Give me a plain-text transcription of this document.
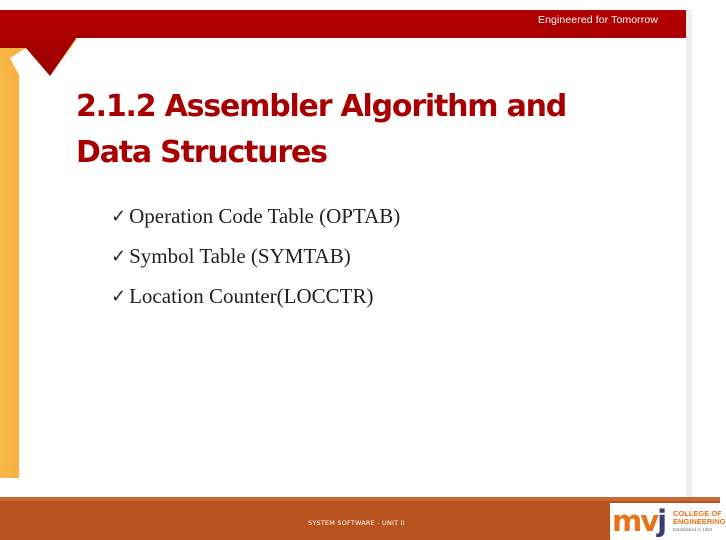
Engineered for Tomorrow
2.1.2 Assembler Algorithm and
Data Structures
✓ Operation Code Table (OPTAB)
✓ Symbol Table (SYMTAB)
✓ Location Counter(LOCCTR)
SYSTEM SOFTWARE - UNIT II	mvj COLLEGE OF
ENGINEERING
Established in 1982
